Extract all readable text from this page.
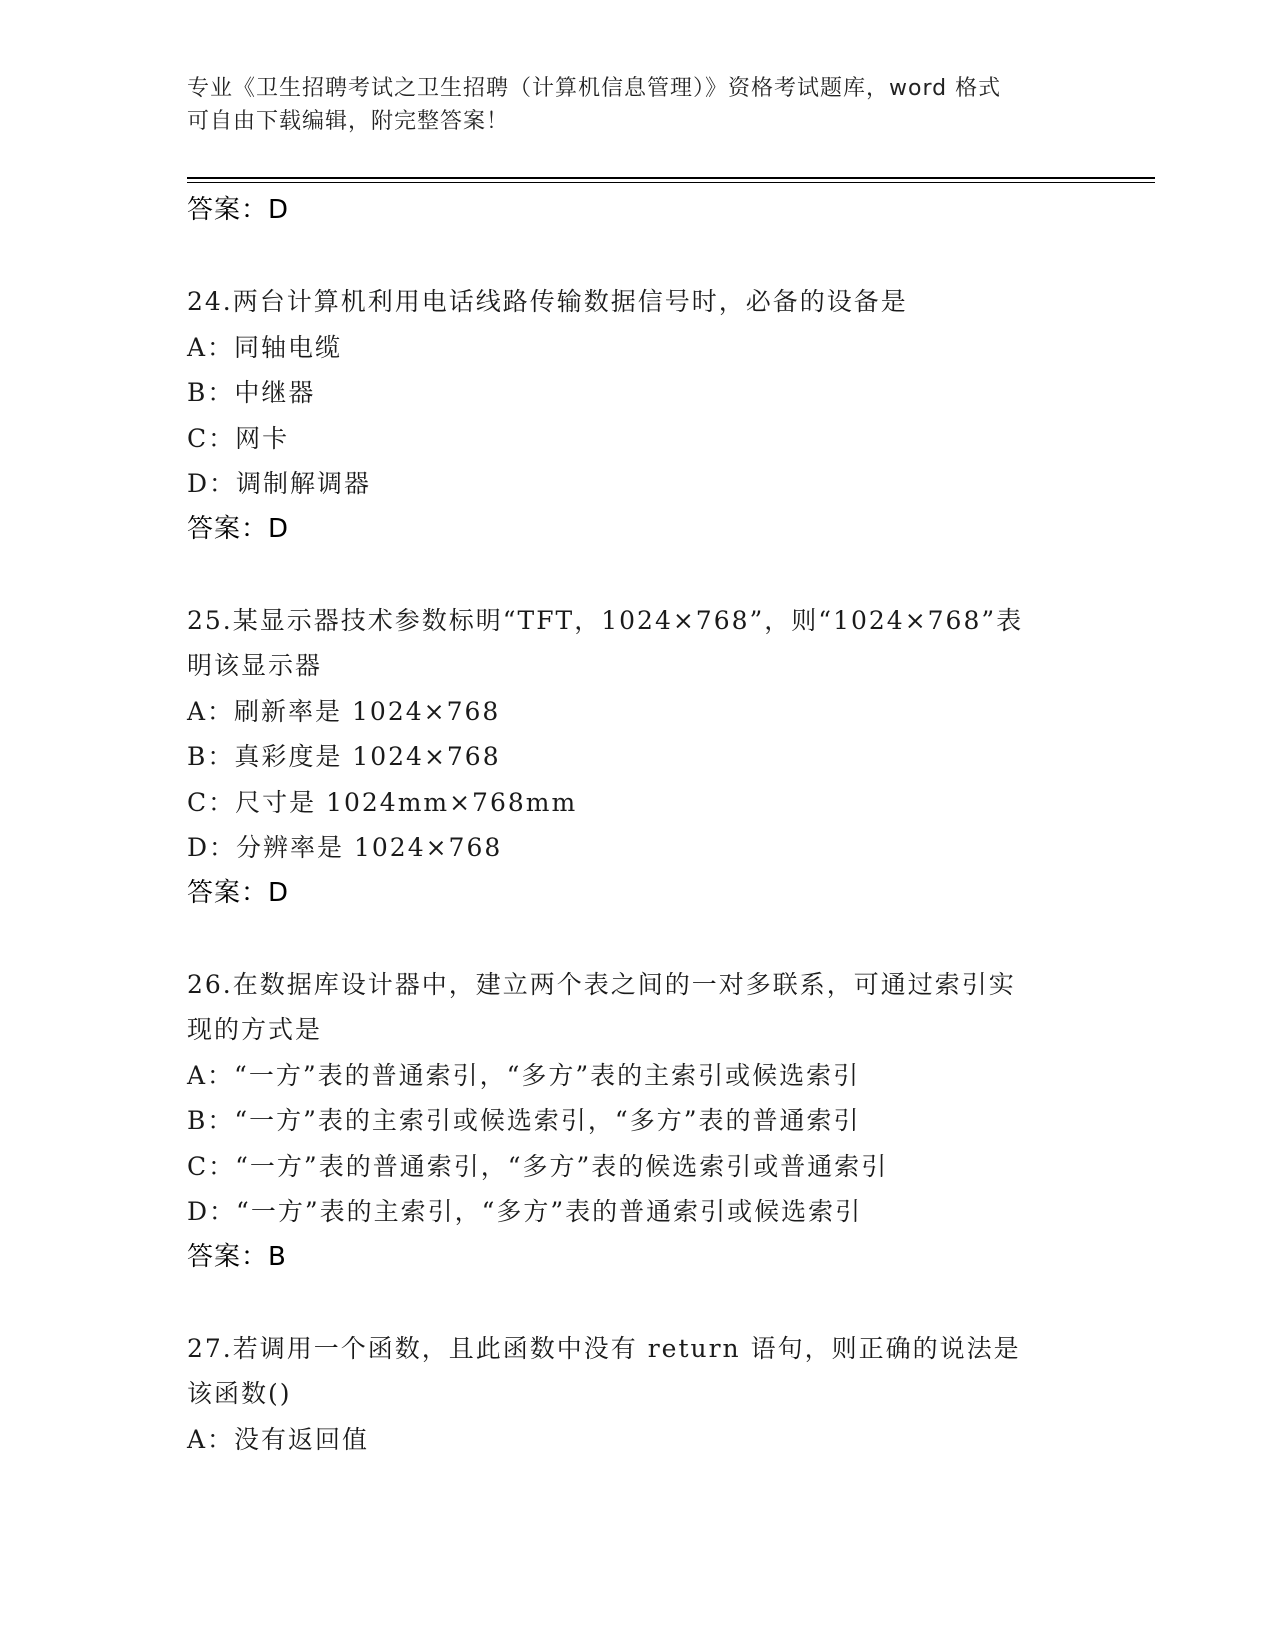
专业《卫生招聘考试之卫生招聘（计算机信息管理）》资格考试题库，word 格式
可自由下载编辑，附完整答案！
答案：D
24.两台计算机利用电话线路传输数据信号时，必备的设备是
A：同轴电缆
B：中继器
C：网卡
D：调制解调器
答案：D
25.某显示器技术参数标明“TFT，1024×768”，则“1024×768”表
明该显示器
A：刷新率是 1024×768
B：真彩度是 1024×768
C：尺寸是 1024mm×768mm
D：分辨率是 1024×768
答案：D
26.在数据库设计器中，建立两个表之间的一对多联系，可通过索引实
现的方式是
A：“一方”表的普通索引，“多方”表的主索引或候选索引
B：“一方”表的主索引或候选索引，“多方”表的普通索引
C：“一方”表的普通索引，“多方”表的候选索引或普通索引
D：“一方”表的主索引，“多方”表的普通索引或候选索引
答案：B
27.若调用一个函数，且此函数中没有 return 语句，则正确的说法是
该函数()
A：没有返回值
